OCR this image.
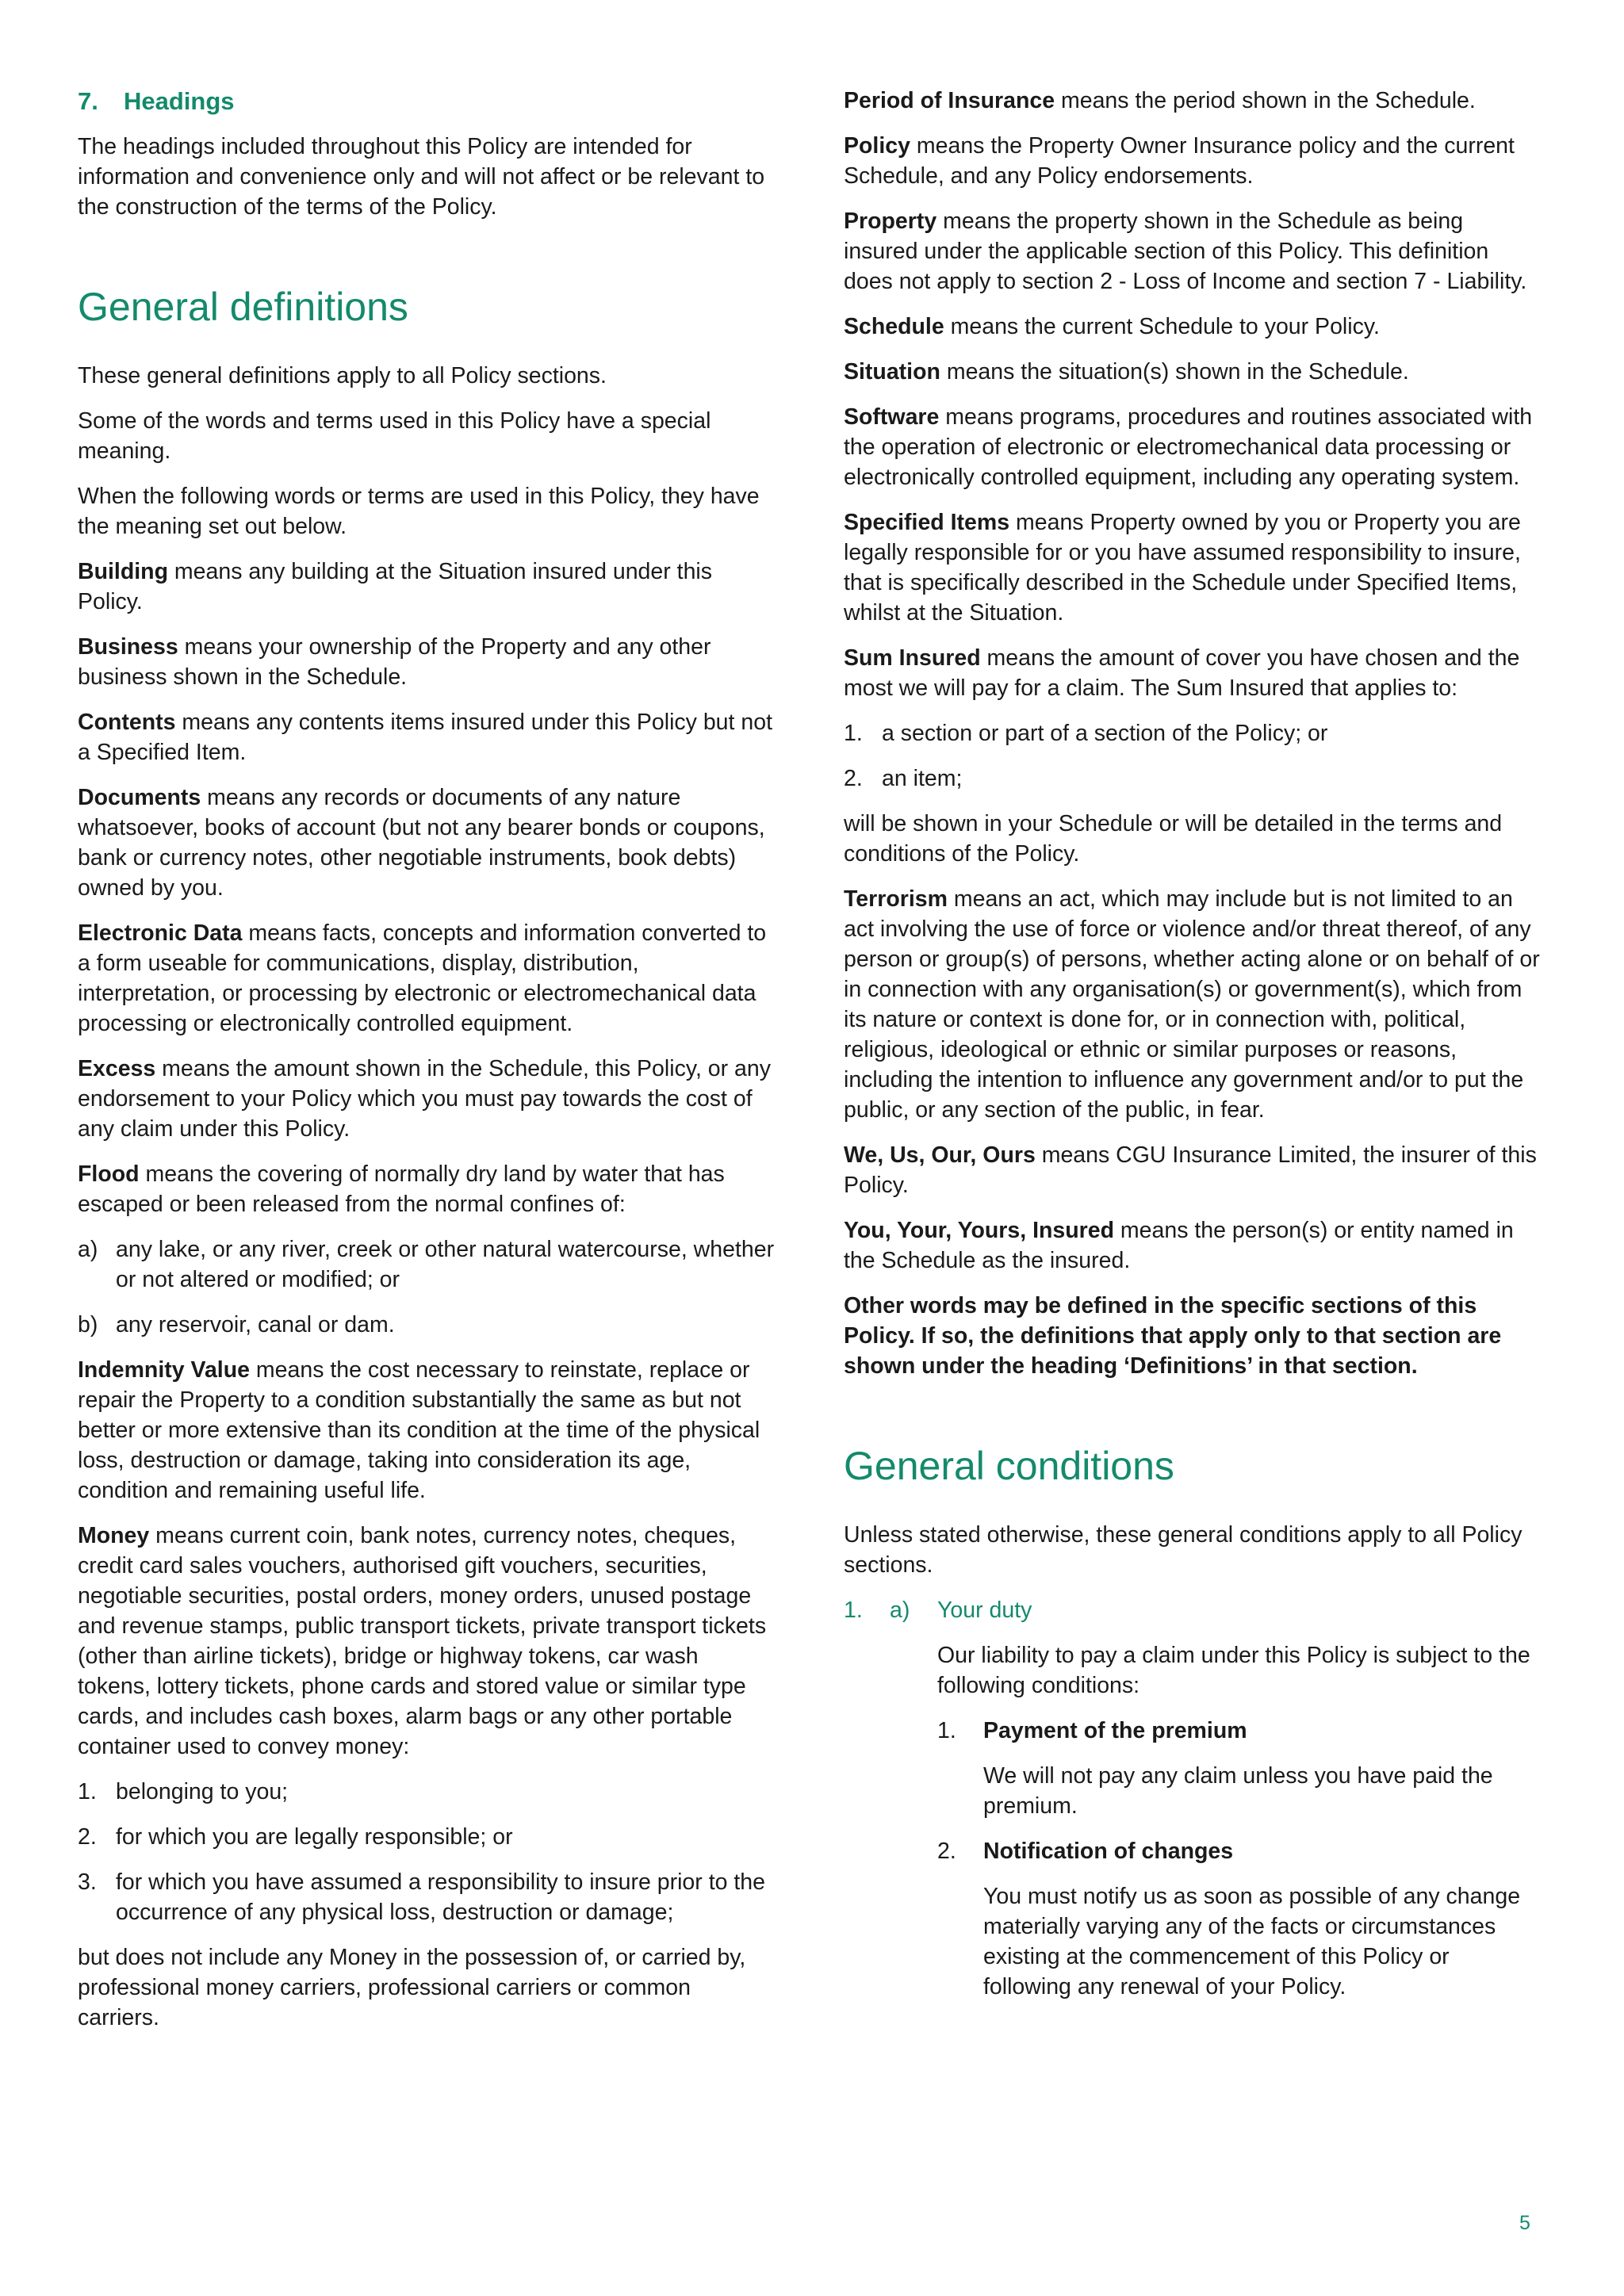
7. Headings

The headings included throughout this Policy are intended for information and convenience only and will not affect or be relevant to the construction of the terms of the Policy.

General definitions

These general definitions apply to all Policy sections.

Some of the words and terms used in this Policy have a special meaning.

When the following words or terms are used in this Policy, they have the meaning set out below.

Building means any building at the Situation insured under this Policy.

Business means your ownership of the Property and any other business shown in the Schedule.

Contents means any contents items insured under this Policy but not a Specified Item.

Documents means any records or documents of any nature whatsoever, books of account (but not any bearer bonds or coupons, bank or currency notes, other negotiable instruments, book debts) owned by you.

Electronic Data means facts, concepts and information converted to a form useable for communications, display, distribution, interpretation, or processing by electronic or electromechanical data processing or electronically controlled equipment.

Excess means the amount shown in the Schedule, this Policy, or any endorsement to your Policy which you must pay towards the cost of any claim under this Policy.

Flood means the covering of normally dry land by water that has escaped or been released from the normal confines of:

a) any lake, or any river, creek or other natural watercourse, whether or not altered or modified; or
b) any reservoir, canal or dam.

Indemnity Value means the cost necessary to reinstate, replace or repair the Property to a condition substantially the same as but not better or more extensive than its condition at the time of the physical loss, destruction or damage, taking into consideration its age, condition and remaining useful life.

Money means current coin, bank notes, currency notes, cheques, credit card sales vouchers, authorised gift vouchers, securities, negotiable securities, postal orders, money orders, unused postage and revenue stamps, public transport tickets, private transport tickets (other than airline tickets), bridge or highway tokens, car wash tokens, lottery tickets, phone cards and stored value or similar type cards, and includes cash boxes, alarm bags or any other portable container used to convey money:

1. belonging to you;
2. for which you are legally responsible; or
3. for which you have assumed a responsibility to insure prior to the occurrence of any physical loss, destruction or damage;

but does not include any Money in the possession of, or carried by, professional money carriers, professional carriers or common carriers.

Period of Insurance means the period shown in the Schedule.

Policy means the Property Owner Insurance policy and the current Schedule, and any Policy endorsements.

Property means the property shown in the Schedule as being insured under the applicable section of this Policy. This definition does not apply to section 2 - Loss of Income and section 7 - Liability.

Schedule means the current Schedule to your Policy.

Situation means the situation(s) shown in the Schedule.

Software means programs, procedures and routines associated with the operation of electronic or electromechanical data processing or electronically controlled equipment, including any operating system.

Specified Items means Property owned by you or Property you are legally responsible for or you have assumed responsibility to insure, that is specifically described in the Schedule under Specified Items, whilst at the Situation.

Sum Insured means the amount of cover you have chosen and the most we will pay for a claim. The Sum Insured that applies to:

1. a section or part of a section of the Policy; or
2. an item;

will be shown in your Schedule or will be detailed in the terms and conditions of the Policy.

Terrorism means an act, which may include but is not limited to an act involving the use of force or violence and/or threat thereof, of any person or group(s) of persons, whether acting alone or on behalf of or in connection with any organisation(s) or government(s), which from its nature or context is done for, or in connection with, political, religious, ideological or ethnic or similar purposes or reasons, including the intention to influence any government and/or to put the public, or any section of the public, in fear.

We, Us, Our, Ours means CGU Insurance Limited, the insurer of this Policy.

You, Your, Yours, Insured means the person(s) or entity named in the Schedule as the insured.

Other words may be defined in the specific sections of this Policy. If so, the definitions that apply only to that section are shown under the heading ‘Definitions’ in that section.

General conditions

Unless stated otherwise, these general conditions apply to all Policy sections.

1.	a)	Your duty

Our liability to pay a claim under this Policy is subject to the following conditions:

1.	Payment of the premium

We will not pay any claim unless you have paid the premium.

2.	Notification of changes

You must notify us as soon as possible of any change materially varying any of the facts or circumstances existing at the commencement of this Policy or following any renewal of your Policy.

5
